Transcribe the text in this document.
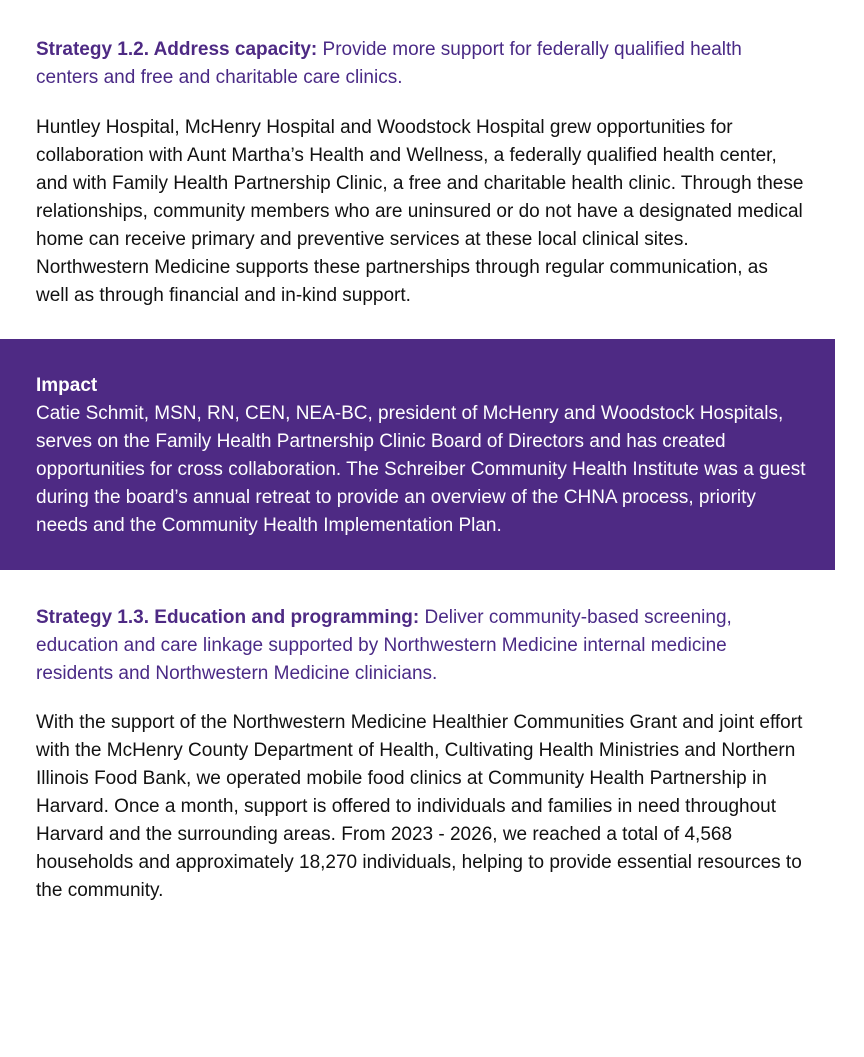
Strategy 1.2. Address capacity: Provide more support for federally qualified health centers and free and charitable care clinics.

Huntley Hospital, McHenry Hospital and Woodstock Hospital grew opportunities for collaboration with Aunt Martha’s Health and Wellness, a federally qualified health center, and with Family Health Partnership Clinic, a free and charitable health clinic. Through these relationships, community members who are uninsured or do not have a designated medical home can receive primary and preventive services at these local clinical sites. Northwestern Medicine supports these partnerships through regular communication, as well as through financial and in-kind support.

Impact
Catie Schmit, MSN, RN, CEN, NEA-BC, president of McHenry and Woodstock Hospitals, serves on the Family Health Partnership Clinic Board of Directors and has created opportunities for cross collaboration. The Schreiber Community Health Institute was a guest during the board’s annual retreat to provide an overview of the CHNA process, priority needs and the Community Health Implementation Plan.

Strategy 1.3. Education and programming: Deliver community-based screening, education and care linkage supported by Northwestern Medicine internal medicine residents and Northwestern Medicine clinicians.

With the support of the Northwestern Medicine Healthier Communities Grant and joint effort with the McHenry County Department of Health, Cultivating Health Ministries and Northern Illinois Food Bank, we operated mobile food clinics at Community Health Partnership in Harvard. Once a month, support is offered to individuals and families in need throughout Harvard and the surrounding areas. From 2023 - 2026, we reached a total of 4,568 households and approximately 18,270 individuals, helping to provide essential resources to the community.
